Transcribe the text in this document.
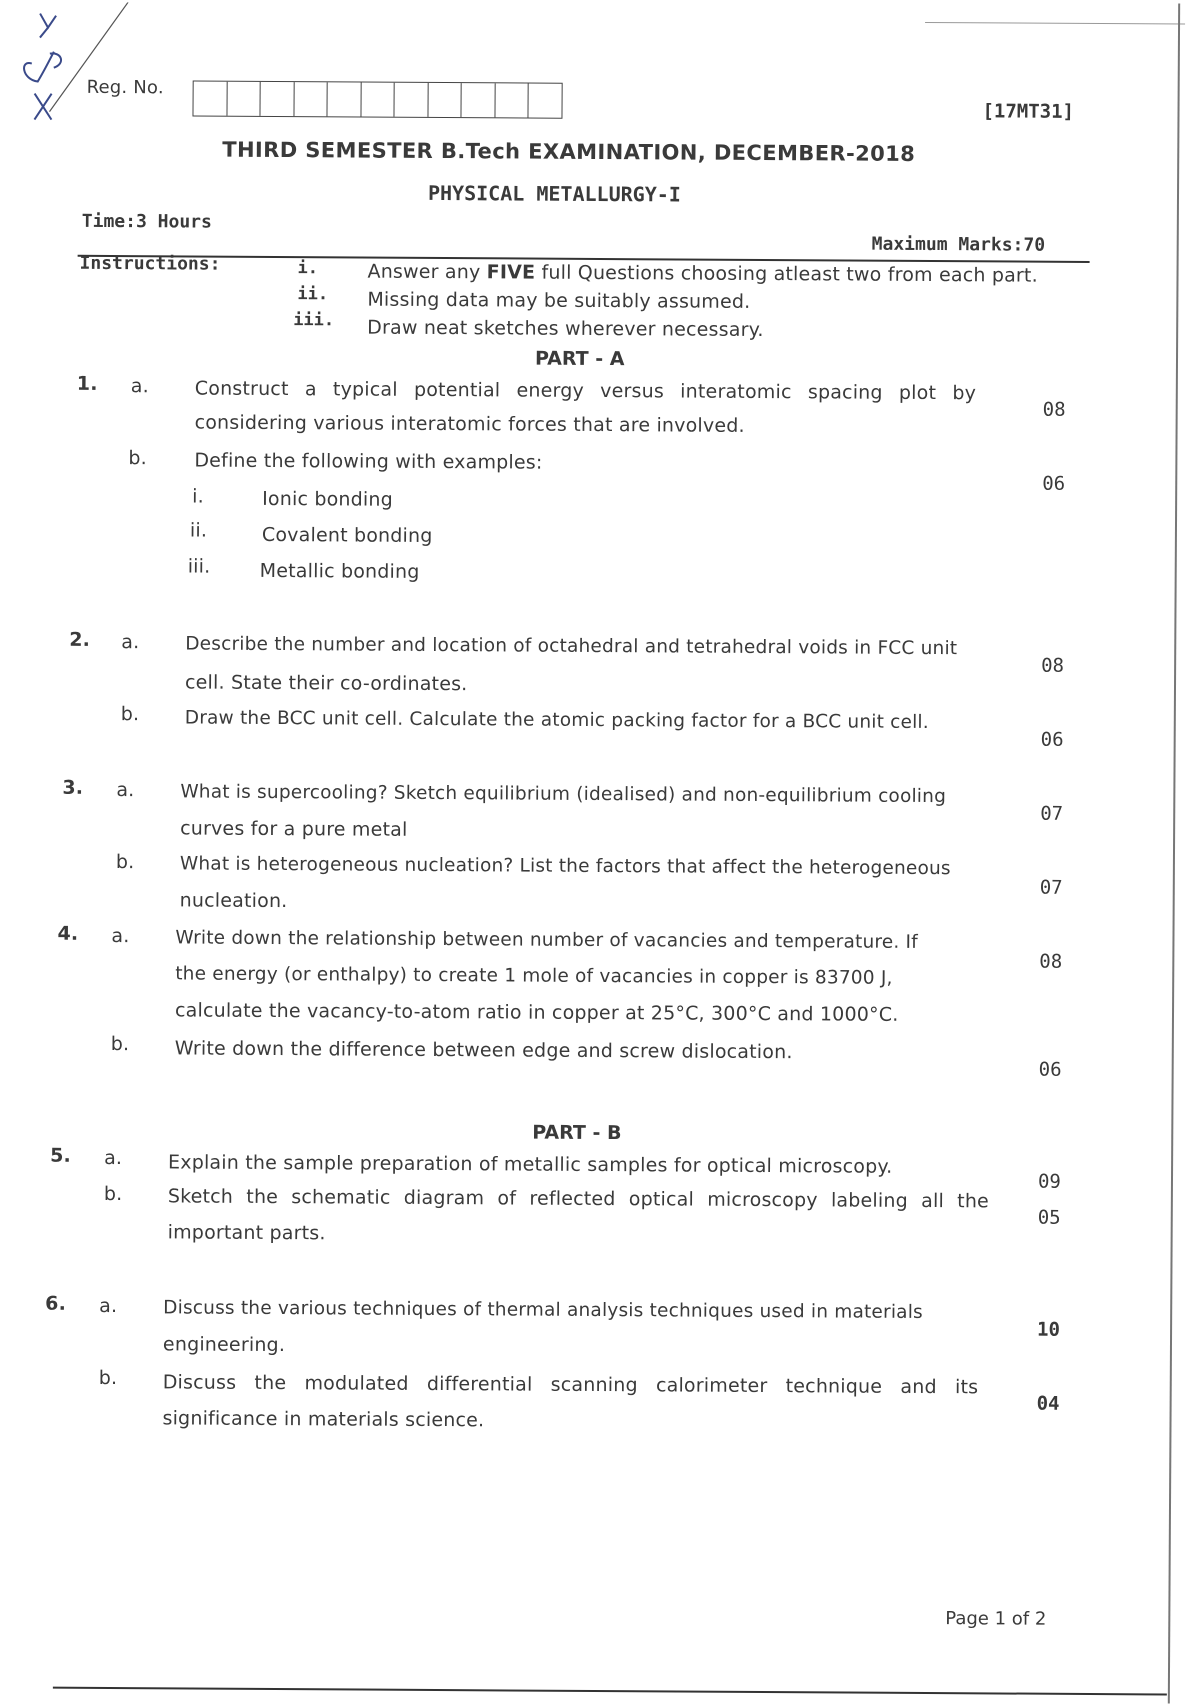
Reg. No.
[17MT31]
THIRD SEMESTER B.Tech EXAMINATION, DECEMBER-2018
PHYSICAL METALLURGY-I
Time:3 Hours
Maximum Marks:70
Instructions:	i.	Answer any FIVE full Questions choosing atleast two from each part.
ii. Missing data may be suitably assumed.
iii. Draw neat sketches wherever necessary.
PART - A
1. a. Construct a typical potential energy versus interatomic spacing plot by
considering various interatomic forces that are involved.
08
b. Define the following with examples:
06
i.	Ionic bonding
ii.	Covalent bonding
iii.	Metallic bonding
2. a. Describe the number and location of octahedral and tetrahedral voids in FCC unit
cell. State their co-ordinates.
08
b. Draw the BCC unit cell. Calculate the atomic packing factor for a BCC unit cell.
06
3. a. What is supercooling? Sketch equilibrium (idealised) and non-equilibrium cooling
curves for a pure metal
07
b. What is heterogeneous nucleation? List the factors that affect the heterogeneous
nucleation.
07
4. a. Write down the relationship between number of vacancies and temperature. If
the energy (or enthalpy) to create 1 mole of vacancies in copper is 83700 J,
calculate the vacancy-to-atom ratio in copper at 25°C, 300°C and 1000°C.
08
b. Write down the difference between edge and screw dislocation.
06
PART - B
5. a. Explain the sample preparation of metallic samples for optical microscopy.
09
b. Sketch the schematic diagram of reflected optical microscopy labeling all the
important parts.
05
6. a. Discuss the various techniques of thermal analysis techniques used in materials
engineering.
10
b. Discuss the modulated differential scanning calorimeter technique and its
significance in materials science.
04
Page 1 of 2
